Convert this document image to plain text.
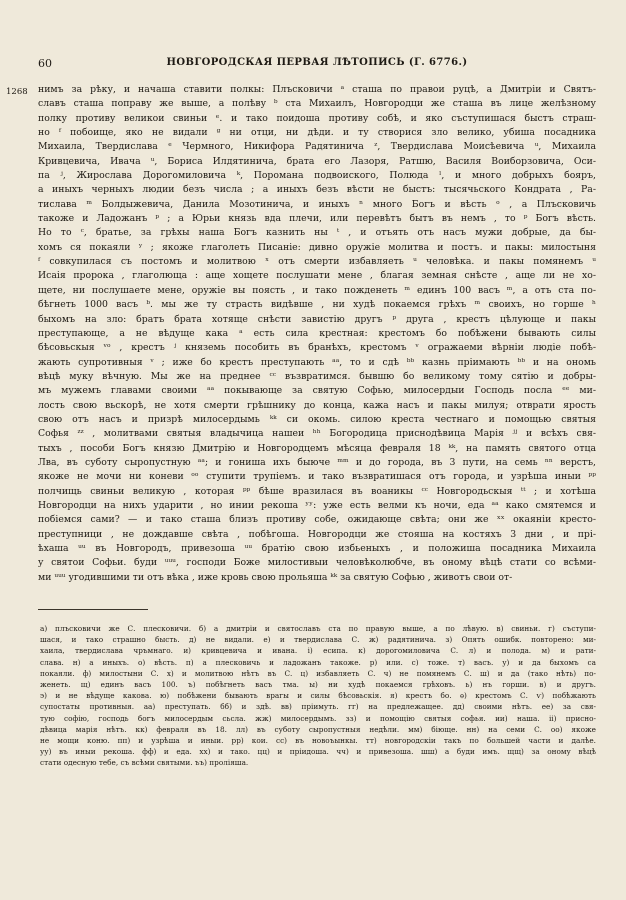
60	НОВГОРОДСКАЯ ПЕРВАЯ ЛѢТОПИСЬ (Г. 6776.)
1268 нимъ за рѣку, и начаша ставити полкы: Плъсковичи ᵃ сташа по правои руцѣ, а Дмитріи и Святъ-
славъ сташа поправу же выше, а полѣву ᵇ ста Михаилъ, Новгородци же сташа въ лице желѣзному
полку противу великои свиньи ᵉ. и тако поидоша противу собѣ, и яко съступишася быстъ страш-
но ᶠ побоище, яко не видали ᵍ ни отци, ни дѣди. и ту створися зло велико, убиша посадника
Михаила, Твердислава ᵉ Чермного, Никифора Радятинича ᶻ, Твердислава Моисѣевича ᵘ, Михаила
Кривцевича, Ивача ᵘ, Бориса Илдятинича, брата его Лазоря, Ратшю, Василя Воиборзовича, Оси-
па ʲ, Жирослава Дорогомиловича ᵏ, Поромана подвоиского, Полюда ˡ, и много добрыхъ бояръ,
а иныхъ черныхъ людии безъ числа ; а иныхъ безъ вѣсти не быстъ: тысячьского Кондрата , Ра-
тислава ᵐ Болдыжевича, Данила Мозотинича, и иныхъ ⁿ много Богъ и вѣсть ᵒ , а Плъсковичь
такоже и Ладожанъ ᵖ ; а Юрьи князь вда плечи, или перевѣтъ бытъ въ немъ , то ᵖ Богъ вѣсть.
Но то ᶜ, братье, за грѣхы наша Богъ казнить ны ᵗ , и отъять отъ насъ мужи добрые, да бы-
хомъ ся покаяли ʸ ; якоже глаголеть Писаніе: дивно оружіе молитва и постъ. и пакы: милостыня
ᶠ совкупилася съ постомъ и молитвою ˣ отъ смерти избавляеть ᵘ человѣка. и пакы помянемъ ᵘ
Исаія пророка , глаголюща : аще хощете послушати мене , благая земная снѣсте , аще ли не хо-
щете, ни послушаете мене, оружіе вы поясть , и тако пожденеть ᵐ единъ 100 васъ ᵐ, а отъ ста по-
бѣгнеть 1000 васъ ᵇ. мы же ту страсть видѣвше , ни худѣ покаемся грѣхъ ᵐ своихъ, но горше ʰ
быхомъ на зло: братъ брата хотяще снѣсти завистію другъ ᵖ друга , крестъ цѣлующе и пакы
преступающе, а не вѣдуще кака ᵃ есть сила крестная: крестомъ бо побѣжени бывають силы
бѣсовьскыя ᵛᵒ , крестъ ʲ княземь пособить въ бранѣхъ, крестомъ ᵛ огражаеми вѣрніи людіе побѣ-
жають супротивныя ᵛ ; иже бо крестъ преступають ᵃᵃ, то и сдѣ ᵇᵇ казнь пріимають ᵇᵇ и на ономь
вѣцѣ муку вѣчную. Мы же на преднее ᶜᶜ възвратимся. бывшю бо великому тому сятію и добры-
мъ мужемъ главами своими ᵃᵃ покывающе за святую Софью, милосердыи Господь посла ᵉᵉ ми-
лость свою вьскорѣ, не хотя смерти грѣшнику до конца, кажа насъ и пакы милуя; отврати ярость
свою отъ насъ и призрѣ милосердымь ᵏᵏ си окомь. силою креста честнаго и помощью святыя
Софья ᶻᶻ , молитвами святыя владычица нашеи ʰʰ Богородица приснодѣвица Марія ʲʲ и всѣхъ свя-
тыхъ , пособи Богъ князю Дмитрію и Новгородцемъ мѣсяца февраля 18 ᵏᵏ, на память святого отца
Лва, въ суботу сыропустную ᵃᵃ; и гониша ихъ быюче ᵐᵐ и до города, въ 3 пути, на семь ⁿⁿ верстъ,
якоже не мочи ни коневи ᵒᵒ ступити трупіемъ. и тако възвратишася отъ города, и узрѣша иныи ᵖᵖ
полчищь свиньи великую , которая ᵖᵖ бѣше вразилася въ воаникы ᶜᶜ Новгородьскыя ᵗᵗ ; и хотѣша
Новгородци на нихъ ударити , но инии рекоша ʸʸ: уже есть велми къ ночи, еда ᵃᵃ како смятемся и
побіемся сами? — и тако сташа близъ противу собе, ожидающе свѣта; они же ˣˣ окаяніи кресто-
преступници , не дождавше свѣта , побѣгоша. Новгородци же стояша на костяхъ 3 дни , и прі-
ѣхаша ᵘᵘ въ Новгородъ, привезоша ᵘᵘ братію свою избьеныхъ , и положиша посадника Михаила
у святои Софьи. буди ᵘᵘᵘ, господи Боже милостивыи человѣколюбче, въ оному вѣцѣ стати со всѣми-
ми ᵘᵘᵘ угодившими ти отъ вѣка , иже кровь свою прольяша ᵏᵏ за святую Софью , животъ свои от-
а) плъсковичи же С. плесковичи. б) а дмитріи и святославъ ста по правую выше, а по лѣвую. в) свиньи. г) съступи-
шася, и тако страшно бысть. д) не видали. е) и твердислава С. ж) радятинича. з) Опять ошибк. повторено: ми-
хаила, твердислава чръмнаго. и) кривцевича и ивана. і) есипа. к) дорогомиловича С. л) и полода. м) и рати-
слава. н) а иныхъ. о) вѣсть. п) а плесковичь и ладожанъ такоже. р) или. с) тоже. т) васъ. у) и да быхомъ са
покаяли. ф) милостыни С. х) и молитвою нѣтъ въ С. ц) избавляеть С. ч) не помянемъ С. ш) и да (тако нѣть) по-
женеть. щ) единъ васъ 100. ъ) побѣгнеть васъ тма. ы) ни худѣ покаемся грѣховъ. ь) нъ горши. в) и другъ.
э) и не вѣдуще какова. ю) побѣжени бывають врагы и силы бѣсовьскія. я) крестъ бо. ѳ) крестомъ С. ѵ) побѣжають
супостаты противныя. аа) преступать. бб) и здѣ. вв) пріимуть. гг) на предлежащее. дд) своими нѣтъ. ее) за свя-
тую софію, господь богъ милосердым сьсла. жж) милосердымъ. зз) и помощію святыя софья. ии) наша. ii) присно-
дѣвица марія нѣтъ. кк) февраля въ 18. лл) въ суботу сыропустныя недѣли. мм) біюще. нн) на семи С. оо) якоже
не мощи коню. пп) и узрѣша и иныи. рр) кои. сс) въ новоъынкы. тт) новгородскіи такъ по большей части и далѣе.
уу) въ иныи рекоша. фф) и еда. хх) и тако. цц) и пріидоша. чч) и привезоша. шш) а буди имъ. щщ) за оному вѣцѣ
стати одесную тебе, съ всѣми святыми. ъъ) проліяша.
